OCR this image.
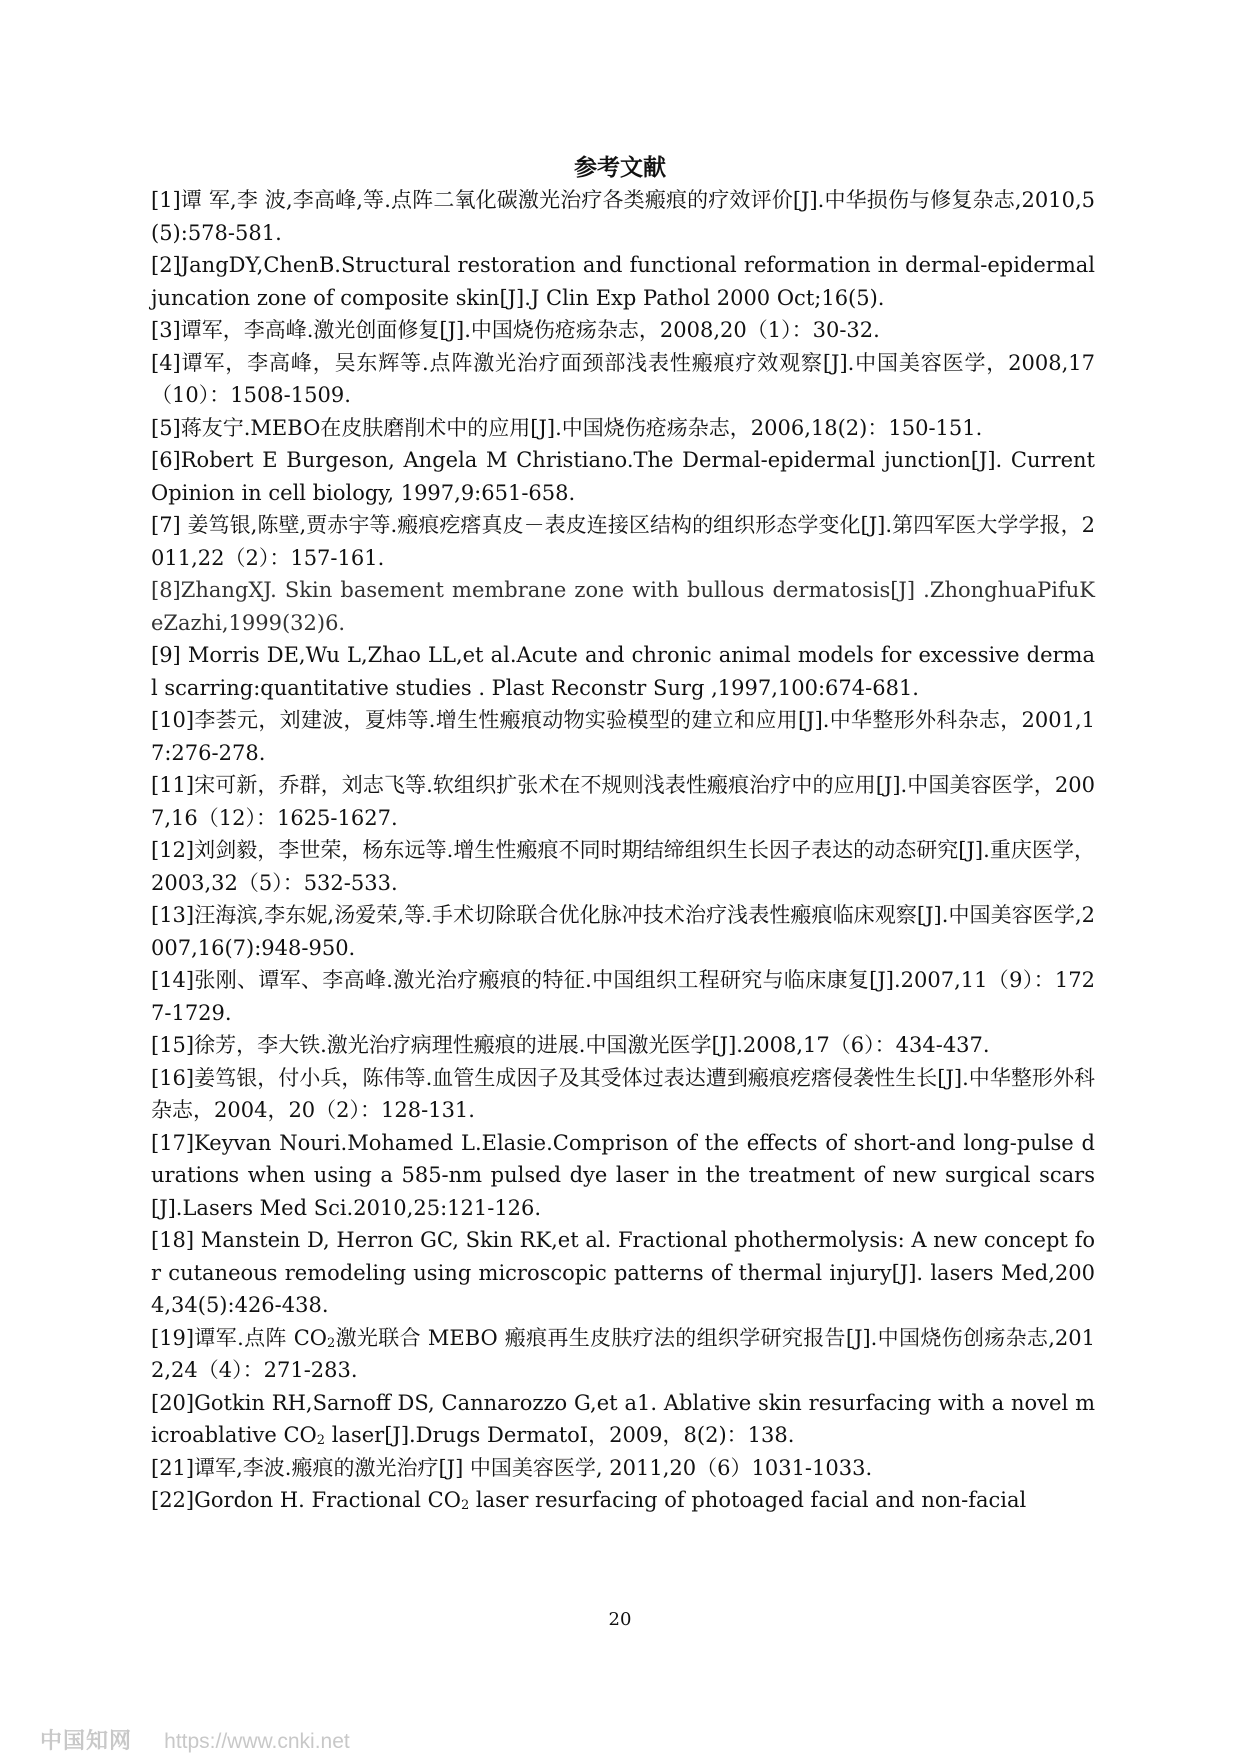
参考文献
[1]谭 军,李 波,李高峰,等.点阵二氧化碳激光治疗各类瘢痕的疗效评价[J].中华损伤与修复杂志,2010,5(5):578-581.
[2]JangDY,ChenB.Structural restoration and functional reformation in dermal-epidermal juncation zone of composite skin[J].J Clin Exp Pathol 2000 Oct;16(5).
[3]谭军，李高峰.激光创面修复[J].中国烧伤疮疡杂志，2008,20（1）：30-32.
[4]谭军，李高峰，吴东辉等.点阵激光治疗面颈部浅表性瘢痕疗效观察[J].中国美容医学，2008,17（10）：1508-1509.
[5]蒋友宁.MEBO在皮肤磨削术中的应用[J].中国烧伤疮疡杂志，2006,18(2)：150-151.
[6]Robert E Burgeson, Angela M Christiano.The Dermal-epidermal junction[J]. Current Opinion in cell biology, 1997,9:651-658.
[7] 姜笃银,陈壁,贾赤宇等.瘢痕疙瘩真皮－表皮连接区结构的组织形态学变化[J].第四军医大学学报，2011,22（2）：157-161.
[8]ZhangXJ. Skin basement membrane zone with bullous dermatosis[J] .ZhonghuaPifuKeZazhi,1999(32)6.
[9] Morris DE,Wu L,Zhao LL,et al.Acute and chronic animal models for excessive dermal scarring:quantitative studies . Plast Reconstr Surg ,1997,100:674-681.
[10]李荟元，刘建波，夏炜等.增生性瘢痕动物实验模型的建立和应用[J].中华整形外科杂志，2001,17:276-278.
[11]宋可新，乔群，刘志飞等.软组织扩张术在不规则浅表性瘢痕治疗中的应用[J].中国美容医学，2007,16（12）：1625-1627.
[12]刘剑毅，李世荣，杨东远等.增生性瘢痕不同时期结缔组织生长因子表达的动态研究[J].重庆医学，2003,32（5）：532-533.
[13]汪海滨,李东妮,汤爱荣,等.手术切除联合优化脉冲技术治疗浅表性瘢痕临床观察[J].中国美容医学,2007,16(7):948-950.
[14]张刚、谭军、李高峰.激光治疗瘢痕的特征.中国组织工程研究与临床康复[J].2007,11（9）：1727-1729.
[15]徐芳，李大铁.激光治疗病理性瘢痕的进展.中国激光医学[J].2008,17（6）：434-437.
[16]姜笃银，付小兵，陈伟等.血管生成因子及其受体过表达遭到瘢痕疙瘩侵袭性生长[J].中华整形外科杂志，2004，20（2）：128-131.
[17]Keyvan Nouri.Mohamed L.Elasie.Comprison of the effects of short-and long-pulse durations when using a 585-nm pulsed dye laser in the treatment of new surgical scars[J].Lasers Med Sci.2010,25:121-126.
[18] Manstein D, Herron GC, Skin RK,et al. Fractional phothermolysis: A new concept for cutaneous remodeling using microscopic patterns of thermal injury[J]. lasers Med,2004,34(5):426-438.
[19]谭军.点阵 $CO_2$激光联合 MEBO 瘢痕再生皮肤疗法的组织学研究报告[J].中国烧伤创疡杂志,2012,24（4）：271-283.
[20]Gotkin RH,Sarnoff DS, Cannarozzo G,et a1. Ablative skin resurfacing with a novel microablative $CO_2$ laser[J].Drugs DermatoI，2009，8(2)：138.
[21]谭军,李波.瘢痕的激光治疗[J] 中国美容医学, 2011,20（6）1031-1033.
[22]Gordon H. Fractional $CO_2$ laser resurfacing of photoaged facial and non-facial
20
中国知网 https://www.cnki.net
